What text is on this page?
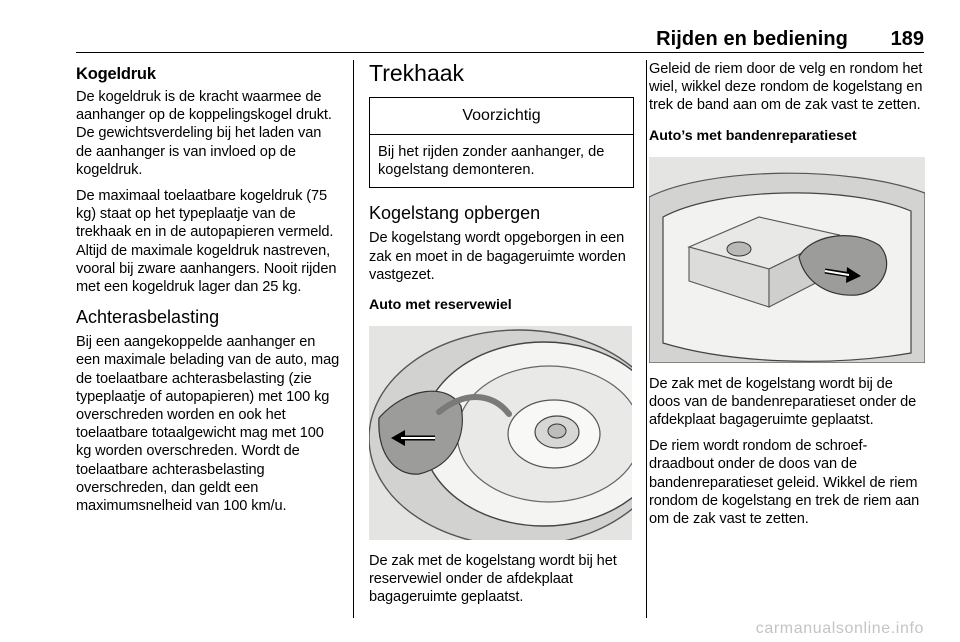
Rijden en bediening 189
Kogeldruk

De kogeldruk is de kracht waarmee de aanhanger op de koppelingskogel drukt. De gewichtsverdeling bij het laden van de aanhanger is van invloed op de kogeldruk.

De maximaal toelaatbare kogeldruk (75 kg) staat op het typeplaatje van de trekhaak en in de autopapieren vermeld. Altijd de maximale kogeldruk nastreven, vooral bij zware aanhangers. Nooit rijden met een kogeldruk lager dan 25 kg.

Achterasbelasting

Bij een aangekoppelde aanhanger en een maximale belading van de auto, mag de toelaatbare achterasbelasting (zie typeplaatje of autopapieren) met 100 kg overschreden worden en ook het toelaatbare totaalgewicht mag met 100 kg worden overschreden. Wordt de toelaatbare achterasbelasting overschreden, dan geldt een maximumsnelheid van 100 km/u.

Trekhaak
Voorzichtig
Bij het rijden zonder aanhanger, de kogelstang demonteren.
Kogelstang opbergen

De kogelstang wordt opgeborgen in een zak en moet in de bagageruimte worden vastgezet.

Auto met reservewiel

De zak met de kogelstang wordt bij het reservewiel onder de afdekplaat bagageruimte geplaatst.

Geleid de riem door de velg en rondom het wiel, wikkel deze rondom de kogelstang en trek de band aan om de zak vast te zetten.

Auto’s met bandenreparatieset

De zak met de kogelstang wordt bij de doos van de bandenreparatieset onder de afdekplaat bagageruimte geplaatst.

De riem wordt rondom de schroefdraadbout onder de doos van de bandenreparatieset geleid. Wikkel de riem rondom de kogelstang en trek de riem aan om de zak vast te zetten.

carmanualsonline.info
